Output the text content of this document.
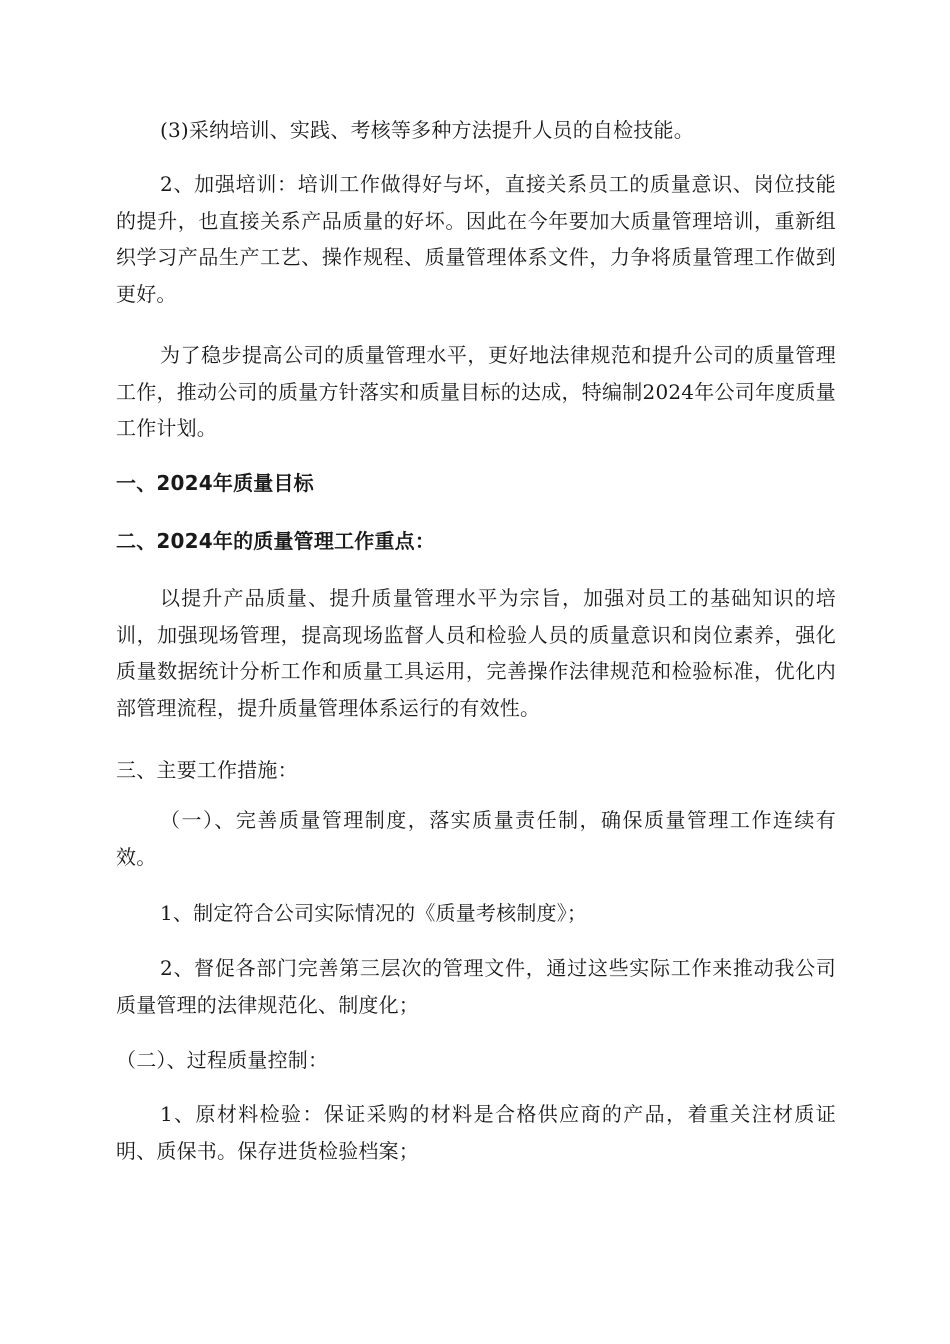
(3)采纳培训、实践、考核等多种方法提升人员的自检技能。

2、加强培训：培训工作做得好与坏，直接关系员工的质量意识、岗位技能的提升，也直接关系产品质量的好坏。因此在今年要加大质量管理培训，重新组织学习产品生产工艺、操作规程、质量管理体系文件，力争将质量管理工作做到更好。

为了稳步提高公司的质量管理水平，更好地法律规范和提升公司的质量管理工作，推动公司的质量方针落实和质量目标的达成，特编制2024年公司年度质量工作计划。

一、2024年质量目标

二、2024年的质量管理工作重点：

以提升产品质量、提升质量管理水平为宗旨，加强对员工的基础知识的培训，加强现场管理，提高现场监督人员和检验人员的质量意识和岗位素养，强化质量数据统计分析工作和质量工具运用，完善操作法律规范和检验标准，优化内部管理流程，提升质量管理体系运行的有效性。

三、主要工作措施：

（一）、完善质量管理制度，落实质量责任制，确保质量管理工作连续有效。

1、制定符合公司实际情况的《质量考核制度》；

2、督促各部门完善第三层次的管理文件，通过这些实际工作来推动我公司质量管理的法律规范化、制度化；

（二）、过程质量控制：

1、原材料检验：保证采购的材料是合格供应商的产品，着重关注材质证明、质保书。保存进货检验档案；
